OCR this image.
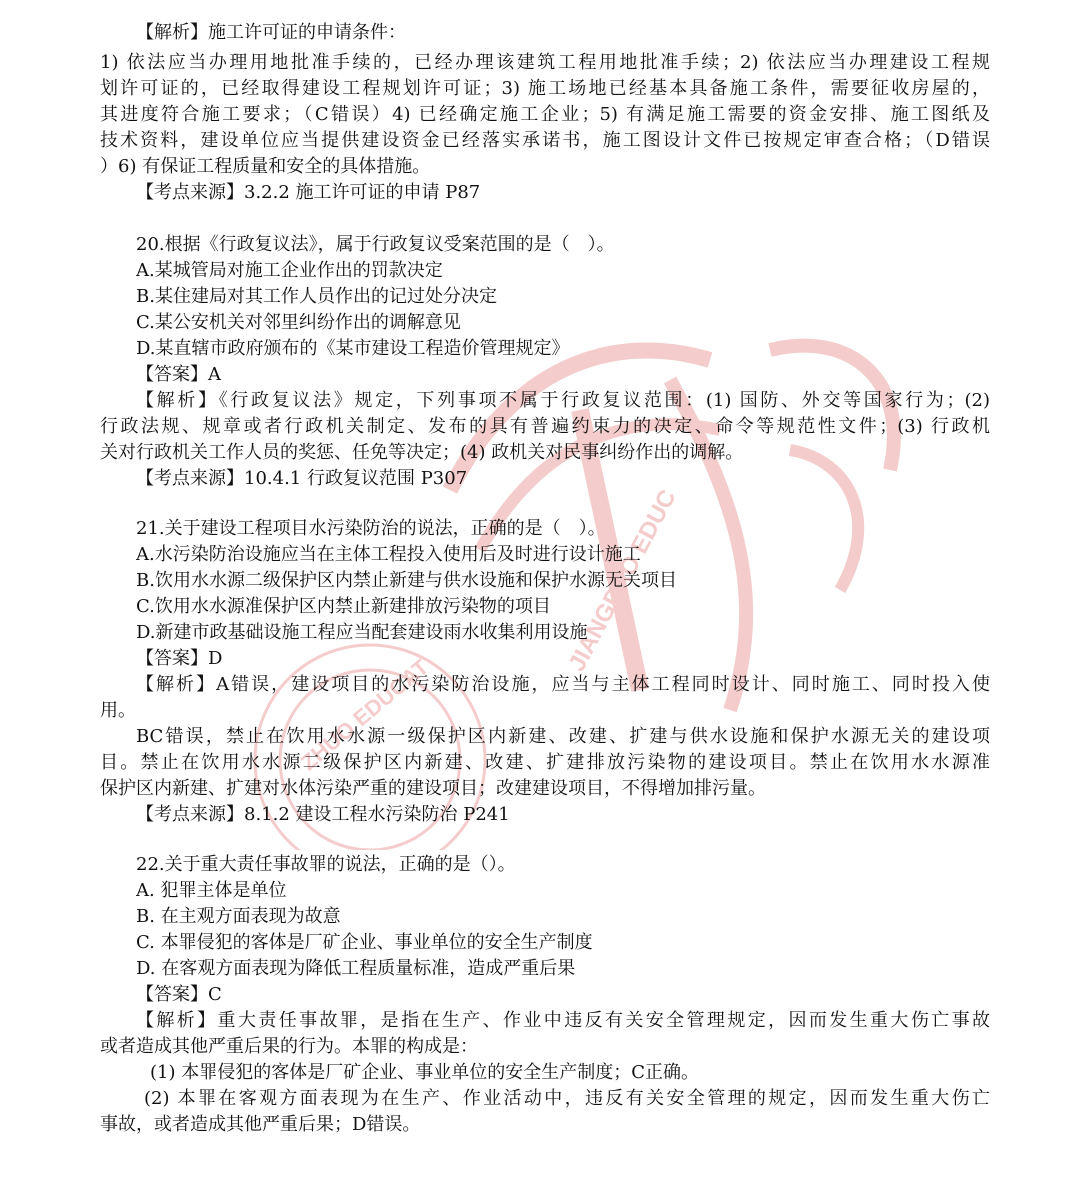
ZHUO EDUCAT
JIANGDAO EDUC
【解析】施工许可证的申请条件：
1) 依法应当办理用地批准手续的，已经办理该建筑工程用地批准手续；2) 依法应当办理建设工程规
划许可证的，已经取得建设工程规划许可证；3) 施工场地已经基本具备施工条件，需要征收房屋的，
其进度符合施工要求；（C错误）4) 已经确定施工企业；5) 有满足施工需要的资金安排、施工图纸及
技术资料，建设单位应当提供建设资金已经落实承诺书，施工图设计文件已按规定审查合格；（D错误
）6) 有保证工程质量和安全的具体措施。
【考点来源】3.2.2 施工许可证的申请 P87
20.根据《行政复议法》，属于行政复议受案范围的是（　）。
A.某城管局对施工企业作出的罚款决定
B.某住建局对其工作人员作出的记过处分决定
C.某公安机关对邻里纠纷作出的调解意见
D.某直辖市政府颁布的《某市建设工程造价管理规定》
【答案】A
【解析】《行政复议法》规定，下列事项不属于行政复议范围：(1) 国防、外交等国家行为；(2)
行政法规、规章或者行政机关制定、发布的具有普遍约束力的决定、命令等规范性文件；(3) 行政机
关对行政机关工作人员的奖惩、任免等决定；(4) 政机关对民事纠纷作出的调解。
【考点来源】10.4.1 行政复议范围 P307
21.关于建设工程项目水污染防治的说法，正确的是（　）。
A.水污染防治设施应当在主体工程投入使用后及时进行设计施工
B.饮用水水源二级保护区内禁止新建与供水设施和保护水源无关项目
C.饮用水水源准保护区内禁止新建排放污染物的项目
D.新建市政基础设施工程应当配套建设雨水收集利用设施
【答案】D
【解析】A错误，建设项目的水污染防治设施，应当与主体工程同时设计、同时施工、同时投入使
用。
BC错误，禁止在饮用水水源一级保护区内新建、改建、扩建与供水设施和保护水源无关的建设项
目。禁止在饮用水水源二级保护区内新建、改建、扩建排放污染物的建设项目。禁止在饮用水水源准
保护区内新建、扩建对水体污染严重的建设项目；改建建设项目，不得增加排污量。
【考点来源】8.1.2 建设工程水污染防治 P241
22.关于重大责任事故罪的说法，正确的是（）。
A. 犯罪主体是单位
B. 在主观方面表现为故意
C. 本罪侵犯的客体是厂矿企业、事业单位的安全生产制度
D. 在客观方面表现为降低工程质量标准，造成严重后果
【答案】C
【解析】重大责任事故罪，是指在生产、作业中违反有关安全管理规定，因而发生重大伤亡事故
或者造成其他严重后果的行为。本罪的构成是：
(1) 本罪侵犯的客体是厂矿企业、事业单位的安全生产制度；C正确。
(2) 本罪在客观方面表现为在生产、作业活动中，违反有关安全管理的规定，因而发生重大伤亡
事故，或者造成其他严重后果；D错误。
